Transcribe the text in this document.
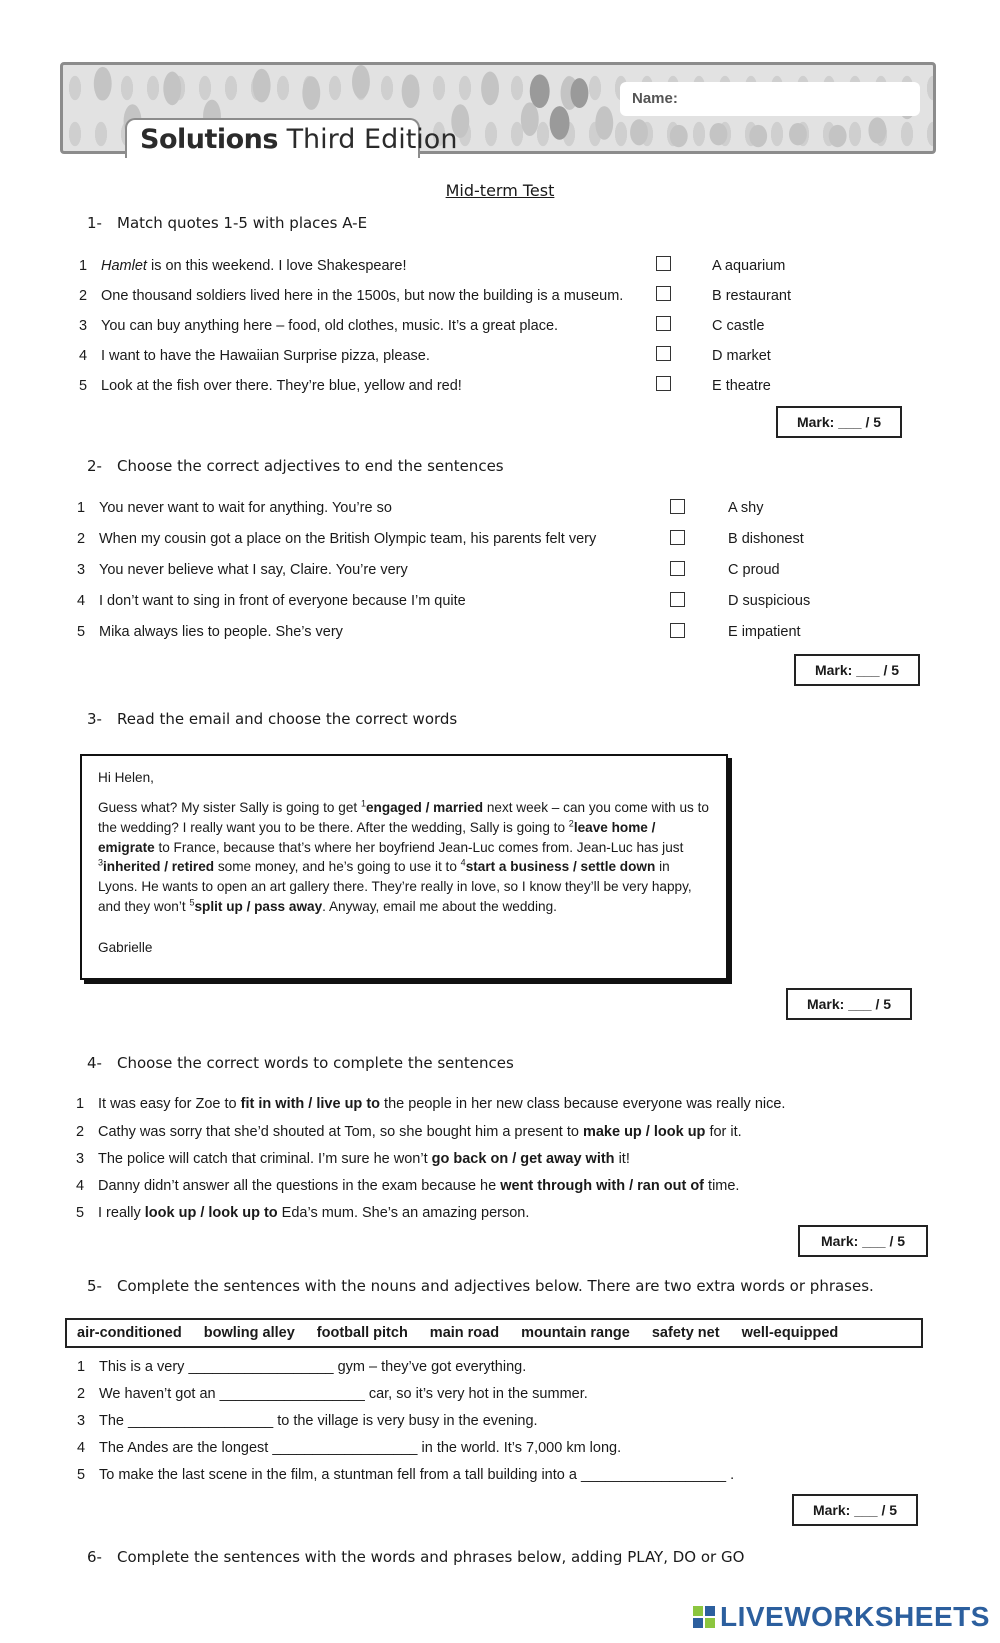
Name:
Solutions Third Edition
Mid-term Test
1- Match quotes 1-5 with places A-E
1 Hamlet is on this weekend. I love Shakespeare!
2 One thousand soldiers lived here in the 1500s, but now the building is a museum.
3 You can buy anything here – food, old clothes, music. It’s a great place.
4 I want to have the Hawaiian Surprise pizza, please.
5 Look at the fish over there. They’re blue, yellow and red!
A aquarium
B restaurant
C castle
D market
E theatre
Mark: ___ / 5
2- Choose the correct adjectives to end the sentences
1 You never want to wait for anything. You’re so
2 When my cousin got a place on the British Olympic team, his parents felt very
3 You never believe what I say, Claire. You’re very
4 I don’t want to sing in front of everyone because I’m quite
5 Mika always lies to people. She’s very
A shy
B dishonest
C proud
D suspicious
E impatient
Mark: ___ / 5
3- Read the email and choose the correct words
Hi Helen,
Guess what? My sister Sally is going to get $^1$engaged / married next week – can you come with us to the wedding? I really want you to be there. After the wedding, Sally is going to $^2$leave home / emigrate to France, because that’s where her boyfriend Jean-Luc comes from. Jean-Luc has just $^3$inherited / retired some money, and he’s going to use it to $^4$start a business / settle down in Lyons. He wants to open an art gallery there. They’re really in love, so I know they’ll be very happy, and they won’t $^5$split up / pass away. Anyway, email me about the wedding.
Gabrielle
Mark: ___ / 5
4- Choose the correct words to complete the sentences
1 It was easy for Zoe to fit in with / live up to the people in her new class because everyone was really nice.
2 Cathy was sorry that she’d shouted at Tom, so she bought him a present to make up / look up for it.
3 The police will catch that criminal. I’m sure he won’t go back on / get away with it!
4 Danny didn’t answer all the questions in the exam because he went through with / ran out of time.
5 I really look up / look up to Eda’s mum. She’s an amazing person.
Mark: ___ / 5
5- Complete the sentences with the nouns and adjectives below. There are two extra words or phrases.
air-conditioned bowling alley football pitch main road mountain range safety net well-equipped
1 This is a very __________________ gym – they’ve got everything.
2 We haven’t got an __________________ car, so it’s very hot in the summer.
3 The __________________ to the village is very busy in the evening.
4 The Andes are the longest __________________ in the world. It’s 7,000 km long.
5 To make the last scene in the film, a stuntman fell from a tall building into a __________________ .
Mark: ___ / 5
6- Complete the sentences with the words and phrases below, adding PLAY, DO or GO
LIVEWORKSHEETS
